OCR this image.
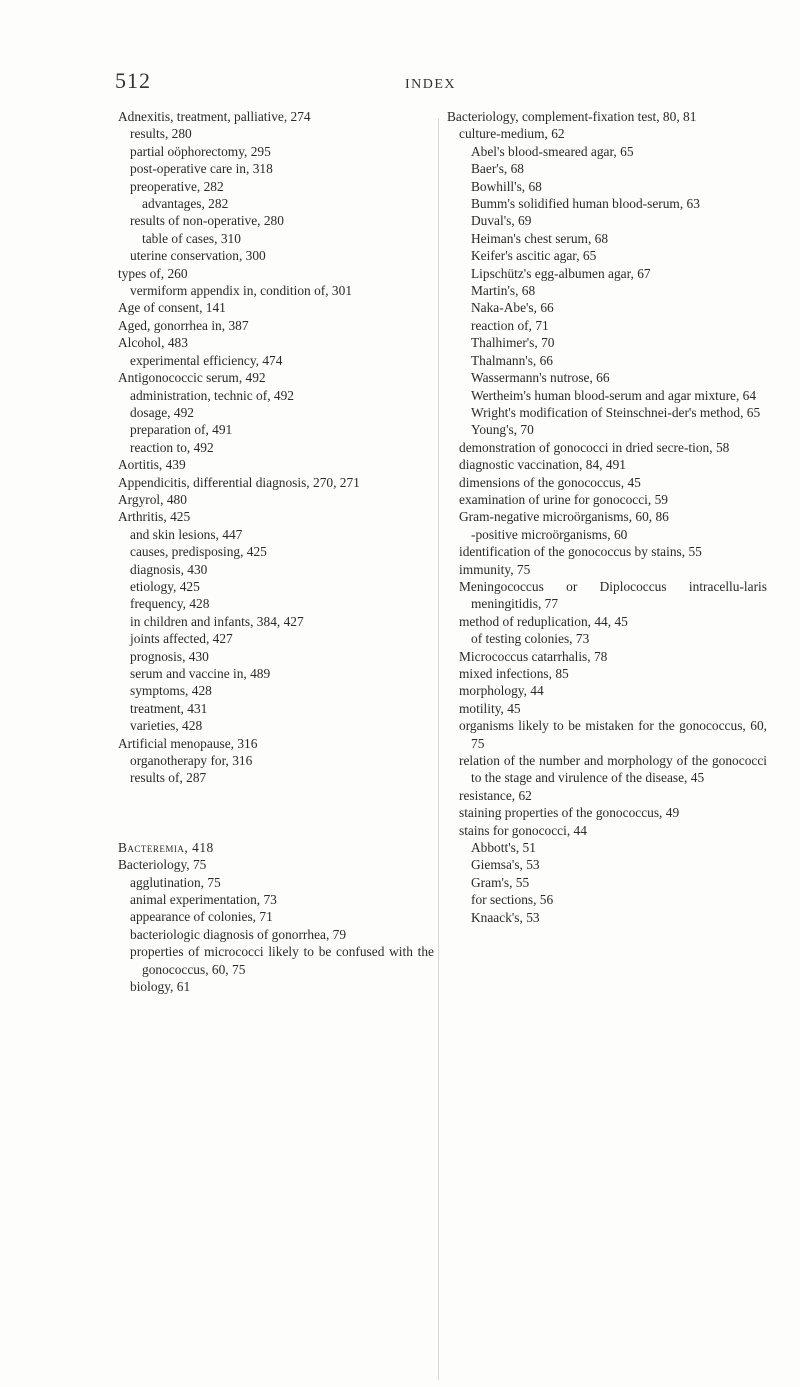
512	INDEX
Adnexitis, treatment, palliative, 274
results, 280
partial oöphorectomy, 295
post-operative care in, 318
preoperative, 282
advantages, 282
results of non-operative, 280
table of cases, 310
uterine conservation, 300
types of, 260
vermiform appendix in, condition of, 301
Age of consent, 141
Aged, gonorrhea in, 387
Alcohol, 483
experimental efficiency, 474
Antigonococcic serum, 492
administration, technic of, 492
dosage, 492
preparation of, 491
reaction to, 492
Aortitis, 439
Appendicitis, differential diagnosis, 270, 271
Argyrol, 480
Arthritis, 425
and skin lesions, 447
causes, predisposing, 425
diagnosis, 430
etiology, 425
frequency, 428
in children and infants, 384, 427
joints affected, 427
prognosis, 430
serum and vaccine in, 489
symptoms, 428
treatment, 431
varieties, 428
Artificial menopause, 316
organotherapy for, 316
results of, 287
Bacteremia, 418
Bacteriology, 75
agglutination, 75
animal experimentation, 73
appearance of colonies, 71
bacteriologic diagnosis of gonorrhea, 79
properties of micrococci likely to be confused with the gonococcus, 60, 75
biology, 61
Bacteriology, complement-fixation test, 80, 81
culture-medium, 62
Abel's blood-smeared agar, 65
Baer's, 68
Bowhill's, 68
Bumm's solidified human blood-serum, 63
Duval's, 69
Heiman's chest serum, 68
Keifer's ascitic agar, 65
Lipschütz's egg-albumen agar, 67
Martin's, 68
Naka-Abe's, 66
reaction of, 71
Thalhimer's, 70
Thalmann's, 66
Wassermann's nutrose, 66
Wertheim's human blood-serum and agar mixture, 64
Wright's modification of Steinschnei-der's method, 65
Young's, 70
demonstration of gonococci in dried secre-tion, 58
diagnostic vaccination, 84, 491
dimensions of the gonococcus, 45
examination of urine for gonococci, 59
Gram-negative microörganisms, 60, 86
-positive microörganisms, 60
identification of the gonococcus by stains, 55
immunity, 75
Meningococcus or Diplococcus intracellu-laris meningitidis, 77
method of reduplication, 44, 45
of testing colonies, 73
Micrococcus catarrhalis, 78
mixed infections, 85
morphology, 44
motility, 45
organisms likely to be mistaken for the gonococcus, 60, 75
relation of the number and morphology of the gonococci to the stage and virulence of the disease, 45
resistance, 62
staining properties of the gonococcus, 49
stains for gonococci, 44
Abbott's, 51
Giemsa's, 53
Gram's, 55
for sections, 56
Knaack's, 53
